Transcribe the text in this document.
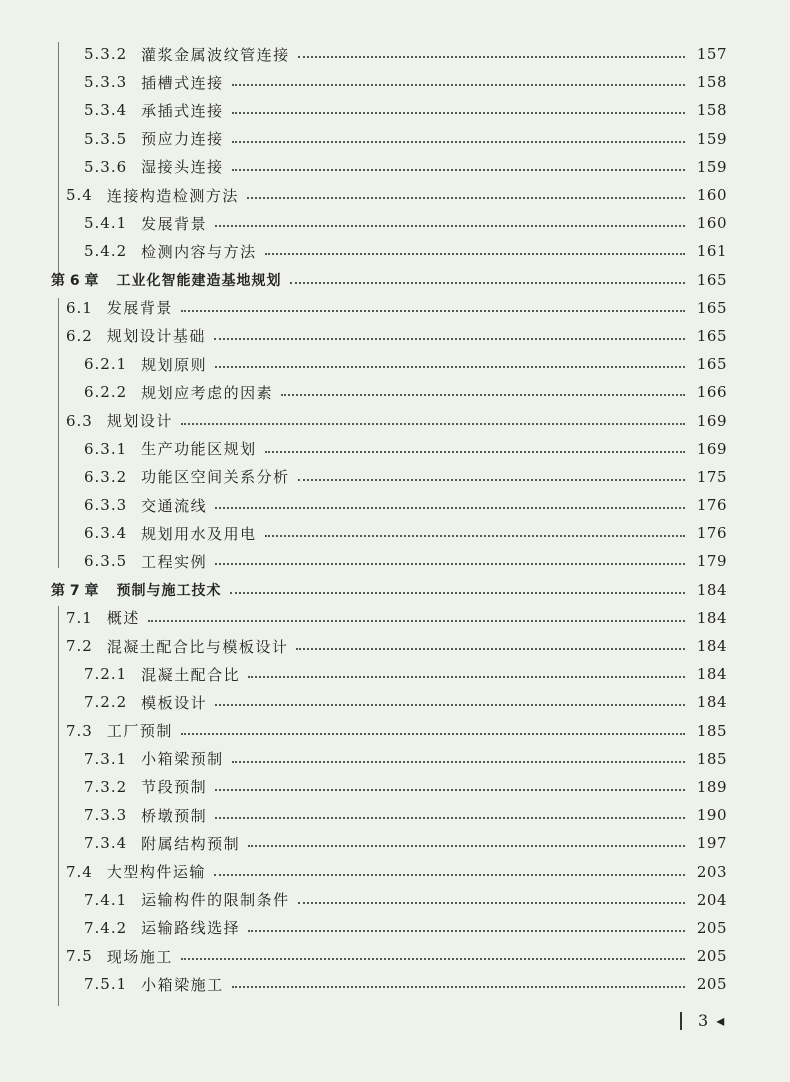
5.3.2 灌浆金属波纹管连接	157
5.3.3 插槽式连接	158
5.3.4 承插式连接	158
5.3.5 预应力连接	159
5.3.6 湿接头连接	159
5.4 连接构造检测方法	160
5.4.1 发展背景	160
5.4.2 检测内容与方法	161
第 6 章 工业化智能建造基地规划	165
6.1 发展背景	165
6.2 规划设计基础	165
6.2.1 规划原则	165
6.2.2 规划应考虑的因素	166
6.3 规划设计	169
6.3.1 生产功能区规划	169
6.3.2 功能区空间关系分析	175
6.3.3 交通流线	176
6.3.4 规划用水及用电	176
6.3.5 工程实例	179
第 7 章 预制与施工技术	184
7.1 概述	184
7.2 混凝土配合比与模板设计	184
7.2.1 混凝土配合比	184
7.2.2 模板设计	184
7.3 工厂预制	185
7.3.1 小箱梁预制	185
7.3.2 节段预制	189
7.3.3 桥墩预制	190
7.3.4 附属结构预制	197
7.4 大型构件运输	203
7.4.1 运输构件的限制条件	204
7.4.2 运输路线选择	205
7.5 现场施工	205
7.5.1 小箱梁施工	205
3 ◂
